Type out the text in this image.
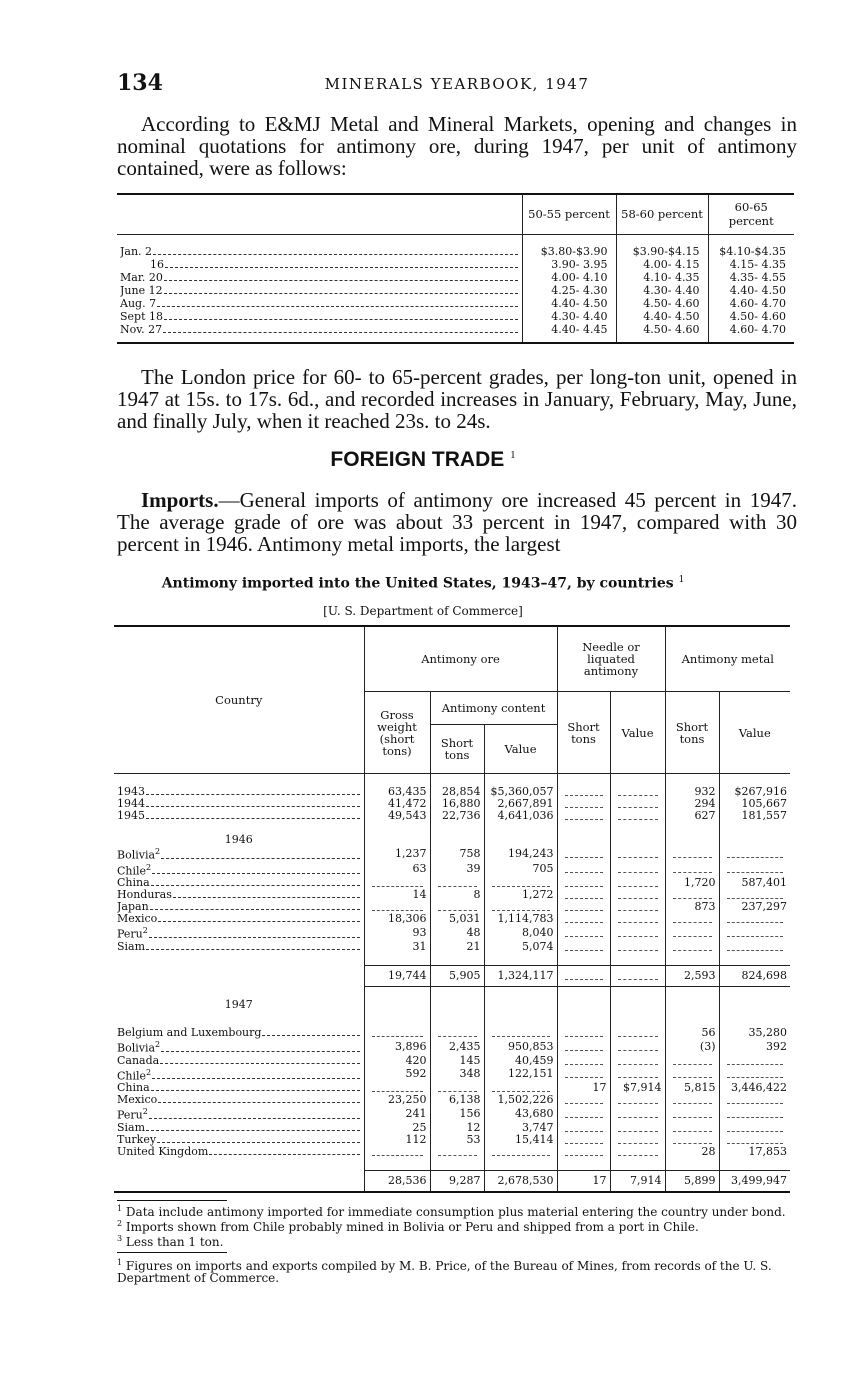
134	MINERALS YEARBOOK, 1947

According to E&MJ Metal and Mineral Markets, opening and changes in nominal quotations for antimony ore, during 1947, per unit of antimony contained, were as follows:

	50-55 percent	58-60 percent	60-65 percent

Jan. 2	$3.80-$3.90	$3.90-$4.15	$4.10-$4.35

16	3.90- 3.95	4.00- 4.15	4.15- 4.35

Mar. 20	4.00- 4.10	4.10- 4.35	4.35- 4.55

June 12	4.25- 4.30	4.30- 4.40	4.40- 4.50

Aug. 7	4.40- 4.50	4.50- 4.60	4.60- 4.70

Sept 18	4.30- 4.40	4.40- 4.50	4.50- 4.60

Nov. 27	4.40- 4.45	4.50- 4.60	4.60- 4.70

The London price for 60- to 65-percent grades, per long-ton unit, opened in 1947 at 15s. to 17s. 6d., and recorded increases in January, February, May, June, and finally July, when it reached 23s. to 24s.

FOREIGN TRADE $^1$

Imports.—General imports of antimony ore increased 45 percent in 1947. The average grade of ore was about 33 percent in 1947, compared with 30 percent in 1946. Antimony metal imports, the largest

Antimony imported into the United States, 1943–47, by countries $^1$
[U. S. Department of Commerce]
Country	Antimony ore			Needle or liquated antimony		Antimony metal	
	Gross weight (short tons)	Antimony content		Short tons	Value	Short tons	Value
		Short tons	Value				

1943	63,435	28,854	$5,360,057			932	$267,916

1944	41,472	16,880	2,667,891			294	105,667

1945	49,543	22,736	4,641,036			627	181,557

1946							

Bolivia$^2$	1,237	758	194,243	

Chile$^2$	63	39	705	

China						1,720	587,401

Honduras	14	8	1,272	

Japan						873	237,297

Mexico	18,306	5,031	1,114,783	

Peru$^2$	93	48	8,040	

Siam	31	21	5,074	

	19,744	5,905	1,324,117			2,593	824,698

1947							

Belgium and Luxembourg						56	35,280

Bolivia$^2$	3,896	2,435	950,853			(3)	392

Canada	420	145	40,459	

Chile$^2$	592	348	122,151	

China				17	$7,914	5,815	3,446,422

Mexico	23,250	6,138	1,502,226	

Peru$^2$	241	156	43,680	

Siam	25	12	3,747	

Turkey	112	53	15,414	

United Kingdom						28	17,853

	28,536	9,287	2,678,530	17	7,914	5,899	3,499,947

$^1$ Data include antimony imported for immediate consumption plus material entering the country under bond.

$^2$ Imports shown from Chile probably mined in Bolivia or Peru and shipped from a port in Chile.

$^3$ Less than 1 ton.

$^1$ Figures on imports and exports compiled by M. B. Price, of the Bureau of Mines, from records of the U. S. Department of Commerce.
